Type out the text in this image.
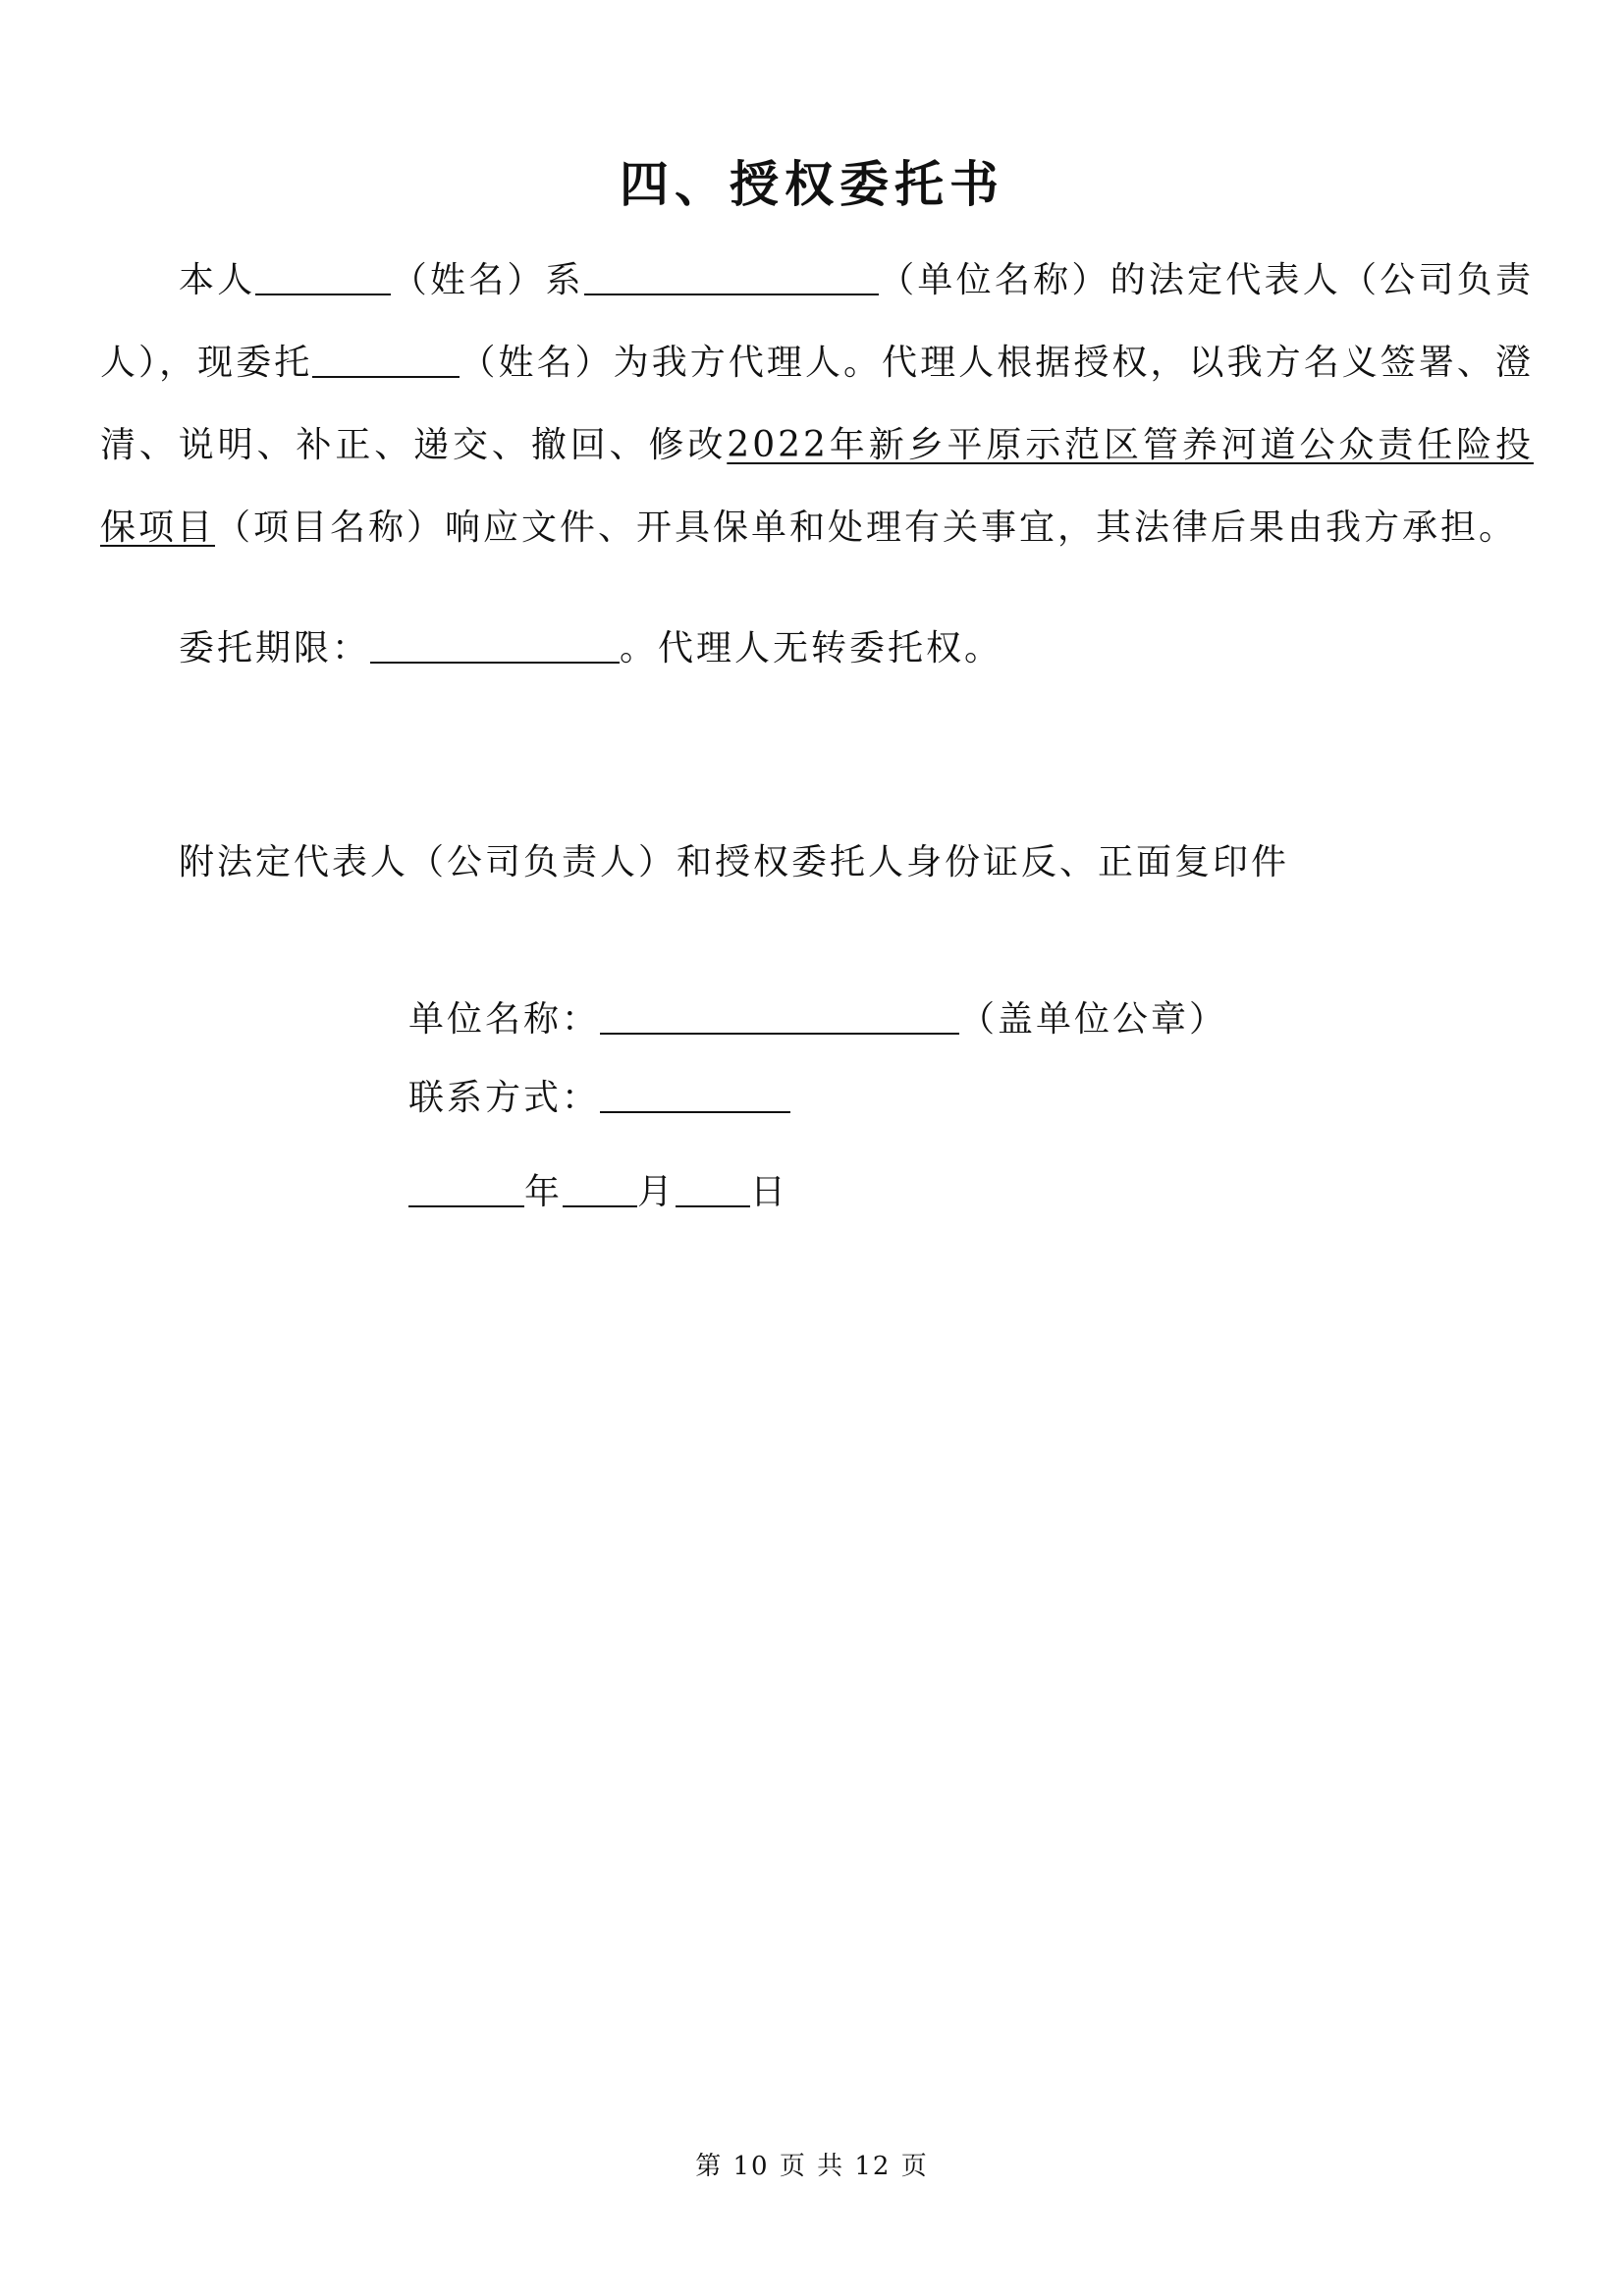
四、授权委托书
本人	（姓名）系	（单位名称）的法定代表人（公司负责人），现委托	（姓名）为我方代理人。代理人根据授权，以我方名义签署、澄清、说明、补正、递交、撤回、修改2022年新乡平原示范区管养河道公众责任险投保项目（项目名称）响应文件、开具保单和处理有关事宜，其法律后果由我方承担。
委托期限：	。代理人无转委托权。
附法定代表人（公司负责人）和授权委托人身份证反、正面复印件
单位名称：	（盖单位公章）
联系方式：
年 月 日
第 10 页 共 12 页
